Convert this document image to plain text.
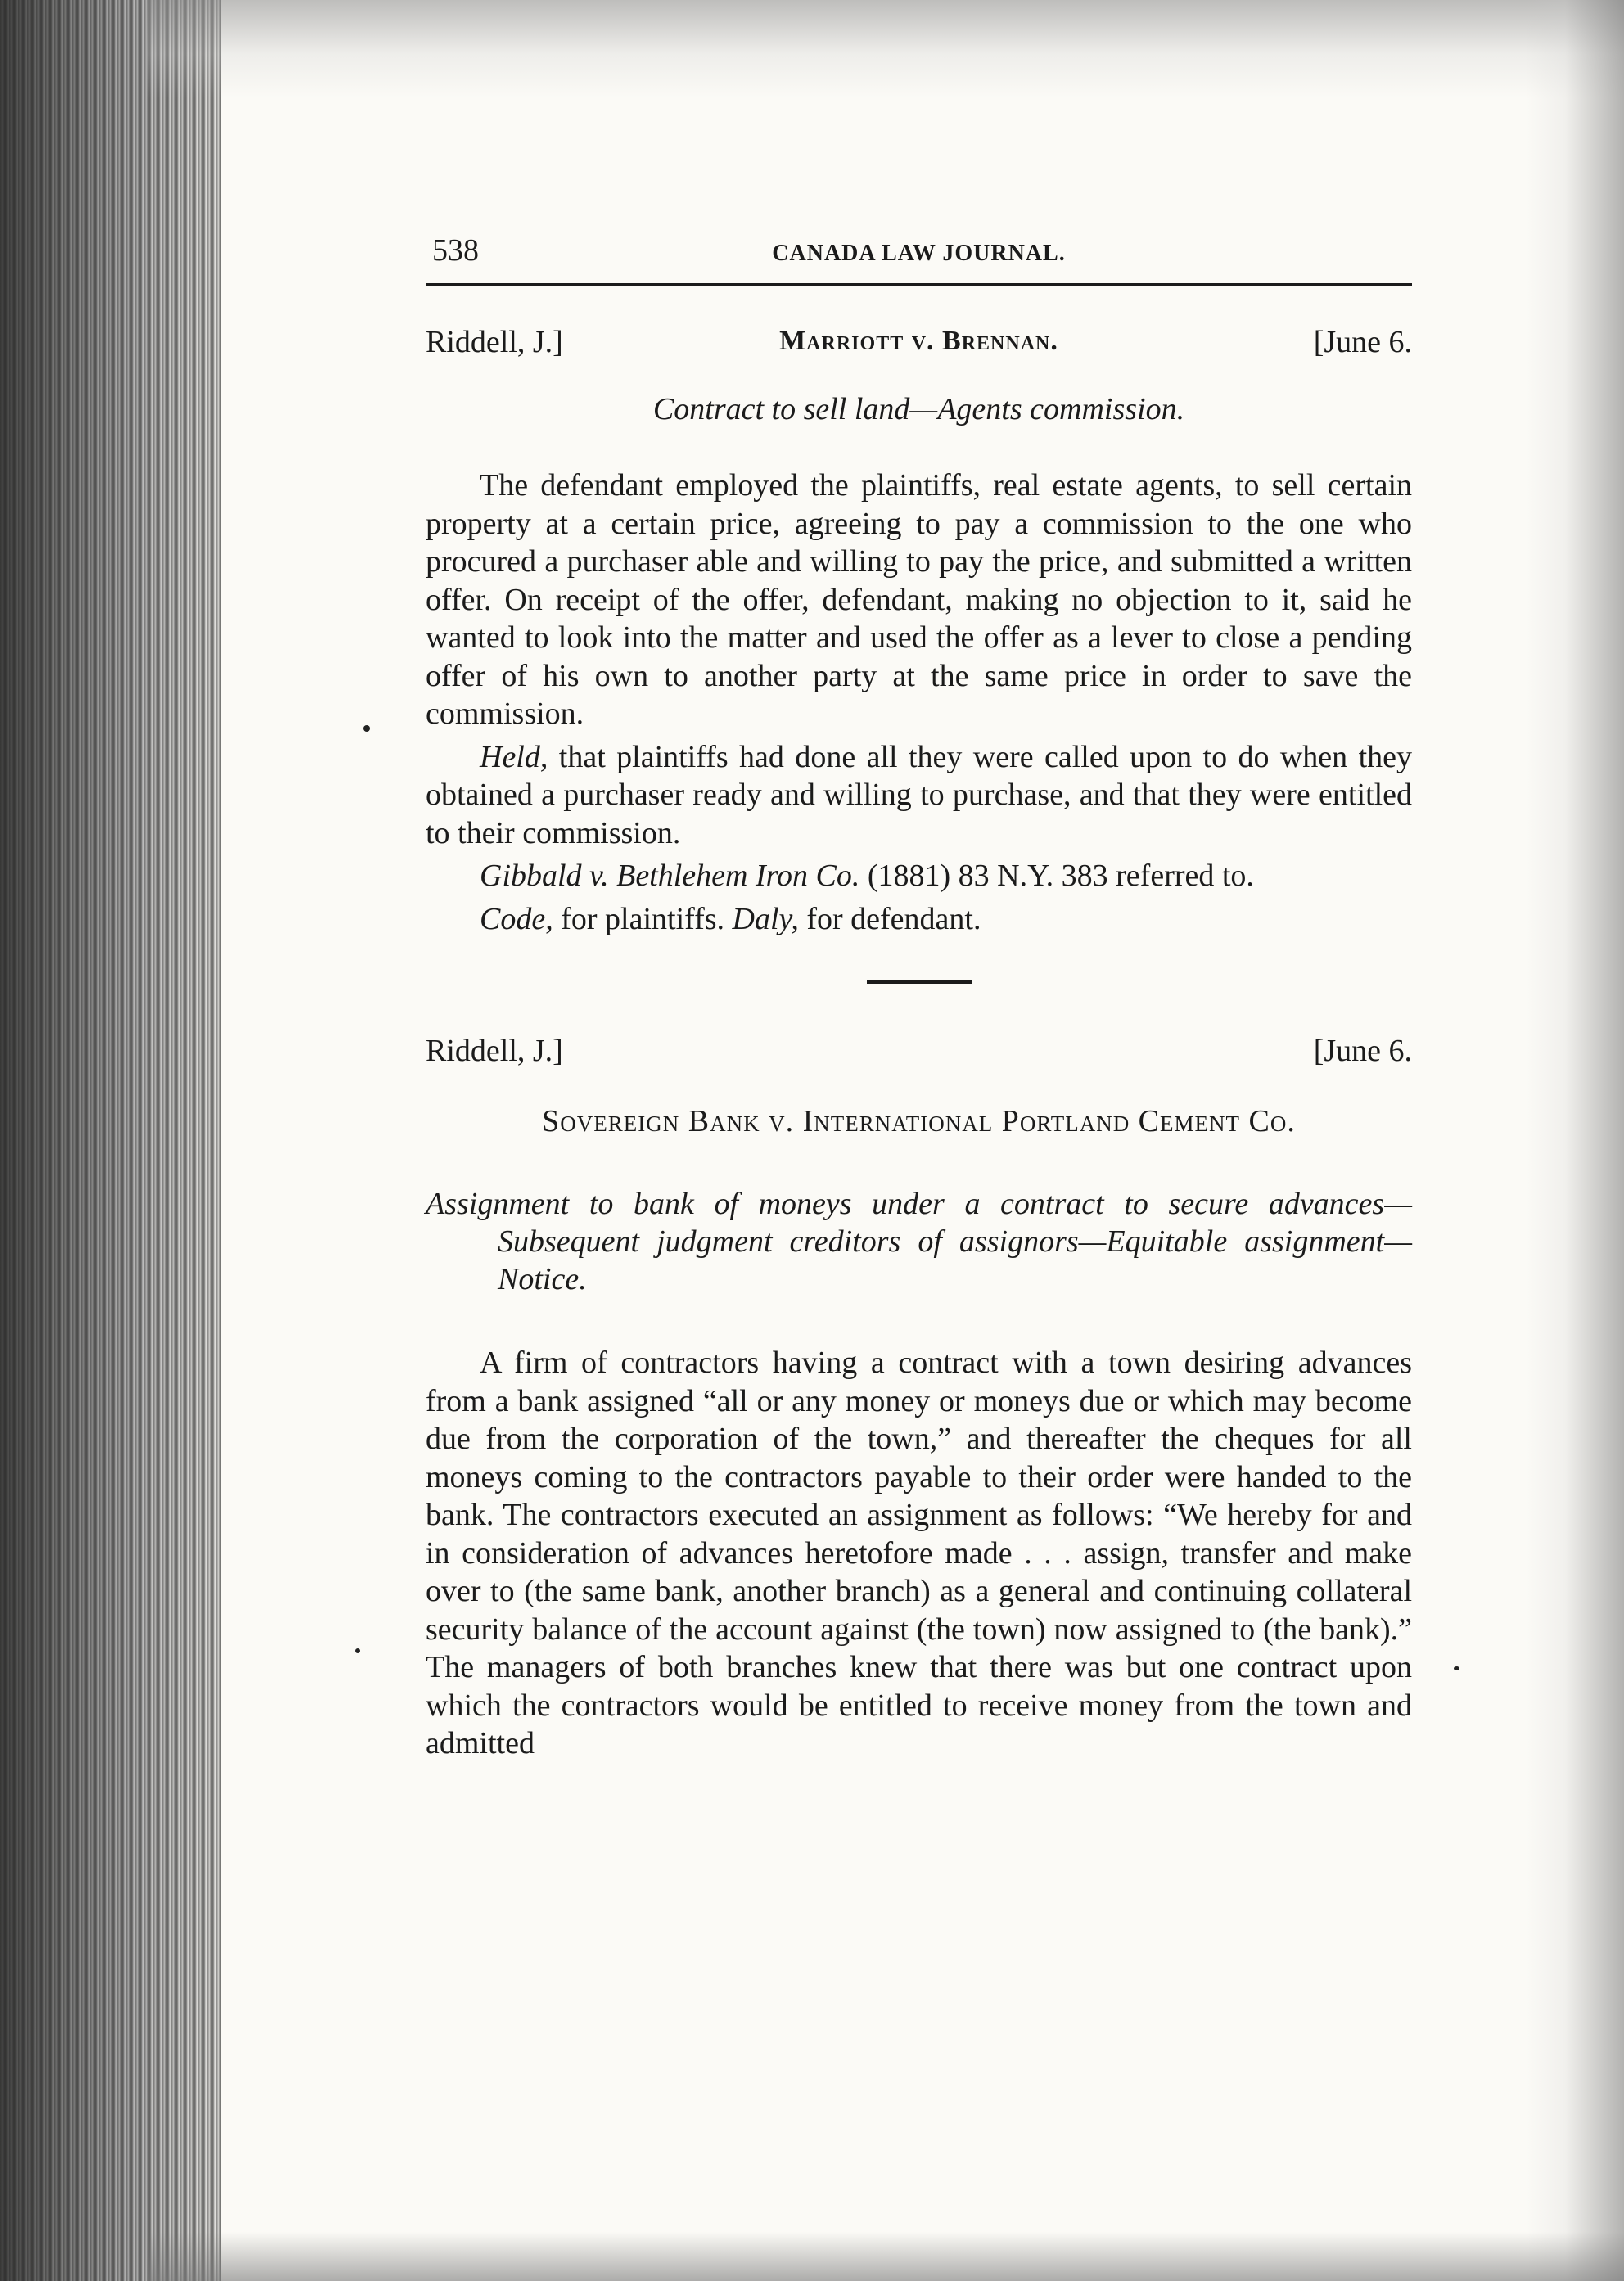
538	CANADA LAW JOURNAL.
Riddell, J.]	Marriott v. Brennan.	[June 6.

Contract to sell land—Agents commission.

The defendant employed the plaintiffs, real estate agents, to sell certain property at a certain price, agreeing to pay a commission to the one who procured a purchaser able and willing to pay the price, and submitted a written offer. On receipt of the offer, defendant, making no objection to it, said he wanted to look into the matter and used the offer as a lever to close a pending offer of his own to another party at the same price in order to save the commission.

Held, that plaintiffs had done all they were called upon to do when they obtained a purchaser ready and willing to purchase, and that they were entitled to their commission.

Gibbald v. Bethlehem Iron Co. (1881) 83 N.Y. 383 referred to.

Code, for plaintiffs. Daly, for defendant.

Riddell, J.]	[June 6.
Sovereign Bank v. International Portland Cement Co.

Assignment to bank of moneys under a contract to secure advances—Subsequent judgment creditors of assignors—Equitable assignment—Notice.

A firm of contractors having a contract with a town desiring advances from a bank assigned “all or any money or moneys due or which may become due from the corporation of the town,” and thereafter the cheques for all moneys coming to the contractors payable to their order were handed to the bank. The contractors executed an assignment as follows: “We hereby for and in consideration of advances heretofore made . . . assign, transfer and make over to (the same bank, another branch) as a general and continuing collateral security balance of the account against (the town) now assigned to (the bank).” The managers of both branches knew that there was but one contract upon which the contractors would be entitled to receive money from the town and admitted
